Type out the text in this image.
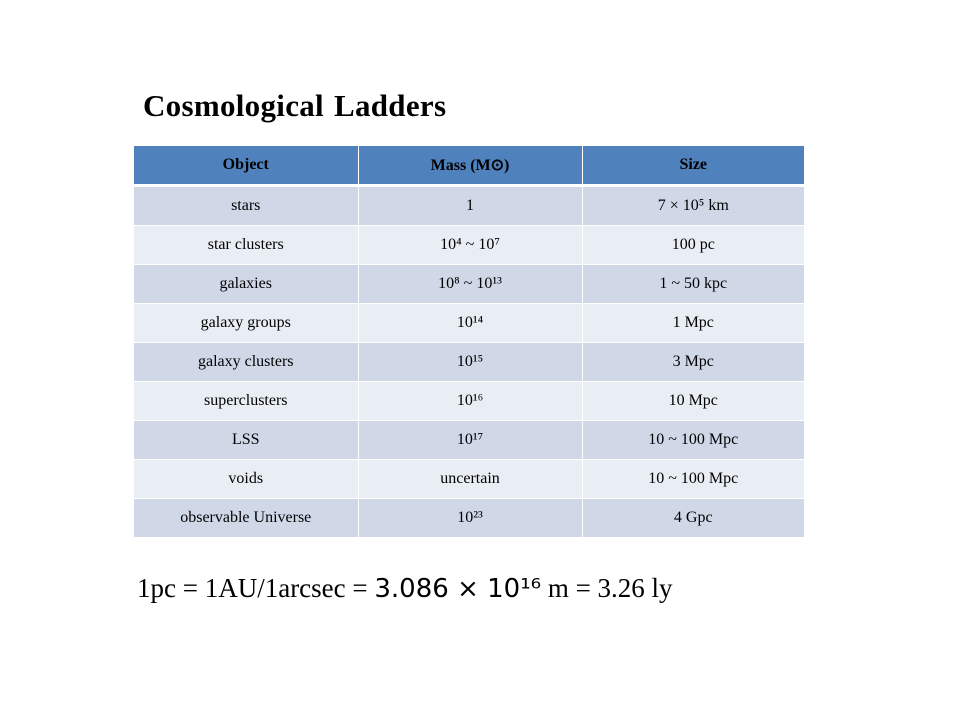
Cosmological Ladders
Object	Mass (M⊙)	Size
stars	1	7 × 10⁵ km
star clusters	10⁴ ~ 10⁷	100 pc
galaxies	10⁸ ~ 10¹³	1 ~ 50 kpc
galaxy groups	10¹⁴	1 Mpc
galaxy clusters	10¹⁵	3 Mpc
superclusters	10¹⁶	10 Mpc
LSS	10¹⁷	10 ~ 100 Mpc
voids	uncertain	10 ~ 100 Mpc
observable Universe	10²³	4 Gpc
1pc = 1AU/1arcsec = 3.086 × 10¹⁶ m = 3.26 ly
